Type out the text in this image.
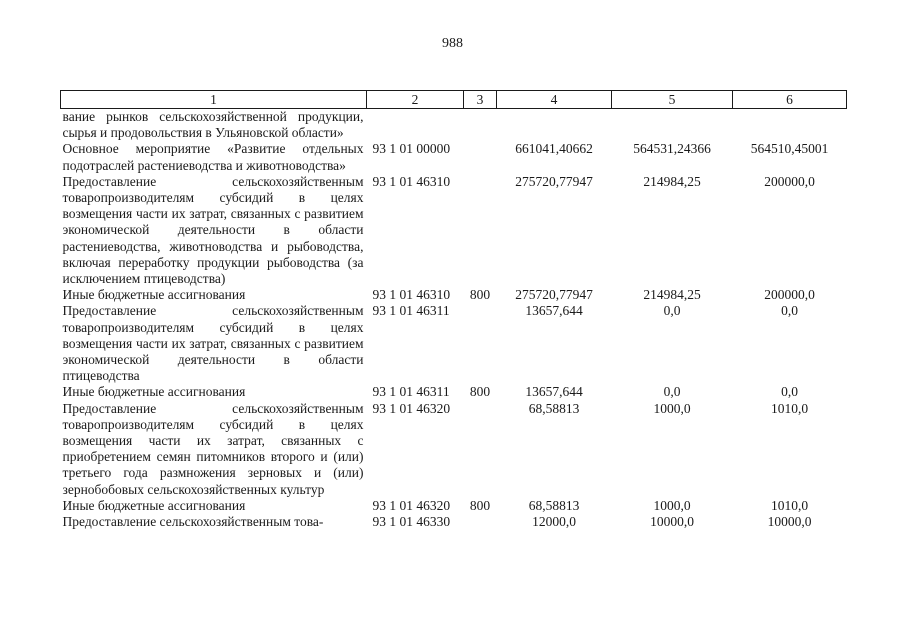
988
1	2	3	4	5	6
вание рынков сельскохозяйственной продукции, сырья и продовольствия в Ульяновской области»					
Основное мероприятие «Развитие отдельных подотраслей растениеводства и животноводства»	93 1 01 00000		661041,40662	564531,24366	564510,45001
Предоставление сельскохозяйственным товаропроизводителям субсидий в целях возмещения части их затрат, связанных с развитием экономической деятельности в области растениеводства, животноводства и рыбоводства, включая переработку продукции рыбоводства (за исключением птицеводства)	93 1 01 46310		275720,77947	214984,25	200000,0
Иные бюджетные ассигнования	93 1 01 46310	800	275720,77947	214984,25	200000,0
Предоставление сельскохозяйственным товаропроизводителям субсидий в целях возмещения части их затрат, связанных с развитием экономической деятельности в области птицеводства	93 1 01 46311		13657,644	0,0	0,0
Иные бюджетные ассигнования	93 1 01 46311	800	13657,644	0,0	0,0
Предоставление сельскохозяйственным товаропроизводителям субсидий в целях возмещения части их затрат, связанных с приобретением семян питомников второго и (или) третьего года размножения зерновых и (или) зернобобовых сельскохозяйственных культур	93 1 01 46320		68,58813	1000,0	1010,0
Иные бюджетные ассигнования	93 1 01 46320	800	68,58813	1000,0	1010,0
Предоставление сельскохозяйственным това-	93 1 01 46330		12000,0	10000,0	10000,0
